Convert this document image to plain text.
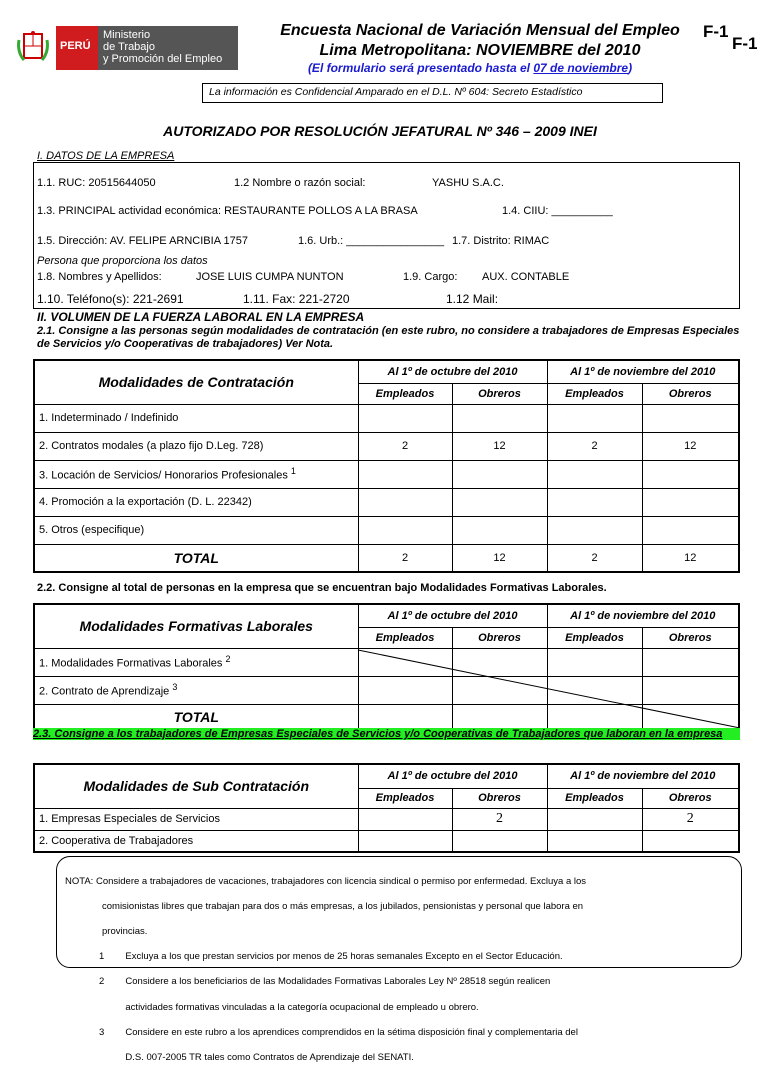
PERÚ
Ministerio
de Trabajo
y Promoción del Empleo
Encuesta Nacional de Variación Mensual del Empleo
Lima Metropolitana: NOVIEMBRE del 2010
(El formulario será presentado hasta el 07 de noviembre)
F-1
F-1
La información es Confidencial Amparado en el D.L. Nº 604: Secreto Estadístico
AUTORIZADO POR RESOLUCIÓN JEFATURAL Nº 346 – 2009 INEI
I. DATOS DE LA EMPRESA
1.1. RUC: 20515644050	1.2 Nombre o razón social:	YASHU S.A.C.
1.3. PRINCIPAL actividad económica: RESTAURANTE POLLOS A LA BRASA	1.4. CIIU: __________
1.5. Dirección: AV. FELIPE ARNCIBIA 1757	1.6. Urb.: ________________ 1.7. Distrito: RIMAC
Persona que proporciona los datos
1.8. Nombres y Apellidos:	JOSE LUIS CUMPA NUNTON	1.9. Cargo: AUX. CONTABLE
1.10. Teléfono(s): 221-2691	1.11. Fax: 221-2720	1.12 Mail:
II. VOLUMEN DE LA FUERZA LABORAL EN LA EMPRESA
2.1. Consigne a las personas según modalidades de contratación (en este rubro, no considere a trabajadores de Empresas Especiales de Servicios y/o Cooperativas de trabajadores) Ver Nota.
Modalidades de Contratación	Al 1º de octubre del 2010		Al 1º de noviembre del 2010	
	Empleados	Obreros	Empleados	Obreros
1. Indeterminado / Indefinido				
2. Contratos modales (a plazo fijo D.Leg. 728)	2	12	2	12
3. Locación de Servicios/ Honorarios Profesionales $^1$				
4. Promoción a la exportación (D. L. 22342)				
5. Otros (especifique)				
TOTAL	2	12	2	12
2.2. Consigne al total de personas en la empresa que se encuentran bajo Modalidades Formativas Laborales.
Modalidades Formativas Laborales	Al 1º de octubre del 2010		Al 1º de noviembre del 2010	
	Empleados	Obreros	Empleados	Obreros
1. Modalidades Formativas Laborales $^2$				
2. Contrato de Aprendizaje $^3$				
TOTAL				
2.3. Consigne a los trabajadores de Empresas Especiales de Servicios y/o Cooperativas de Trabajadores que laboran en la empresa
Modalidades de Sub Contratación	Al 1º de octubre del 2010		Al 1º de noviembre del 2010	
	Empleados	Obreros	Empleados	Obreros
1. Empresas Especiales de Servicios		2		2
2. Cooperativa de Trabajadores				

NOTA: Considere a trabajadores de vacaciones, trabajadores con licencia sindical o permiso por enfermedad. Excluya a los

comisionistas libres que trabajan para dos o más empresas, a los jubilados, pensionistas y personal que labora en

provincias.

1        Excluya a los que prestan servicios por menos de 25 horas semanales Excepto en el Sector Educación.

2        Considere a los beneficiarios de las Modalidades Formativas Laborales Ley Nº 28518 según realicen

actividades formativas vinculadas a la categoría ocupacional de empleado u obrero.

3        Considere en este rubro a los aprendices comprendidos en la sétima disposición final y complementaria del

D.S. 007-2005 TR tales como Contratos de Aprendizaje del SENATI.
